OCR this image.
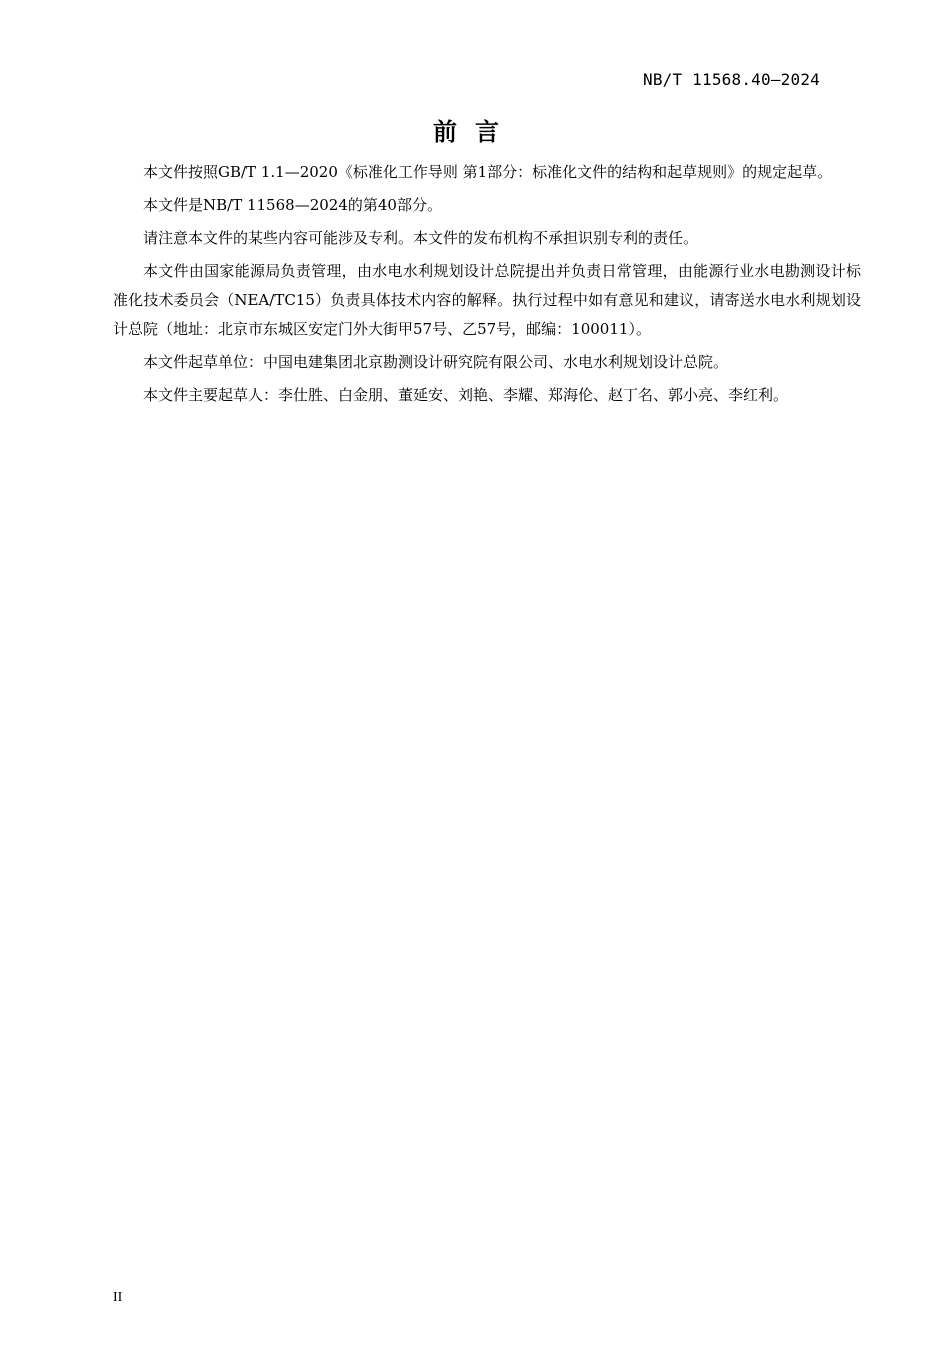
NB/T 11568.40—2024
前言

本文件按照GB/T 1.1—2020《标准化工作导则 第1部分：标准化文件的结构和起草规则》的规定起草。

本文件是NB/T 11568—2024的第40部分。

请注意本文件的某些内容可能涉及专利。本文件的发布机构不承担识别专利的责任。

本文件由国家能源局负责管理，由水电水利规划设计总院提出并负责日常管理，由能源行业水电勘测设计标准化技术委员会（NEA/TC15）负责具体技术内容的解释。执行过程中如有意见和建议，请寄送水电水利规划设计总院（地址：北京市东城区安定门外大街甲57号、乙57号，邮编：100011）。

本文件起草单位：中国电建集团北京勘测设计研究院有限公司、水电水利规划设计总院。

本文件主要起草人：李仕胜、白金朋、董延安、刘艳、李耀、郑海伦、赵丁名、郭小亮、李红利。

II
